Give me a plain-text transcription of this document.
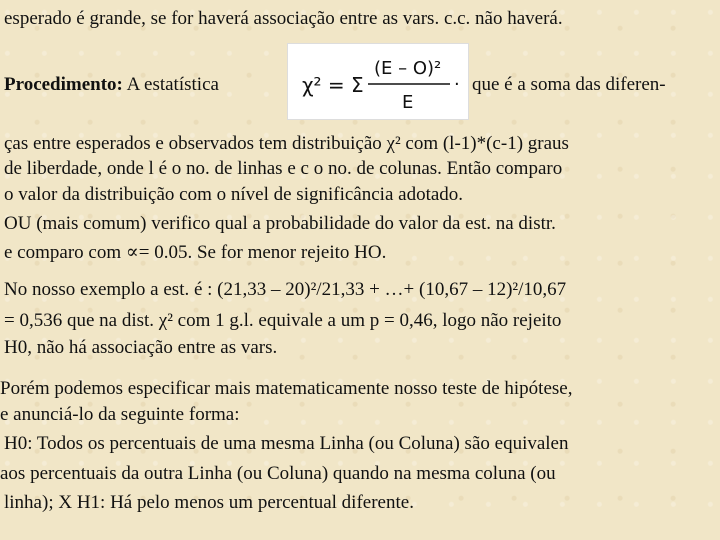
esperado é grande, se for haverá associação entre as vars. c.c. não haverá.
Procedimento: A estatística	χ² = Σ
(E – O)²
E
· que é a soma das diferen-
ças entre esperados e observados tem distribuição χ² com (l-1)*(c-1) graus
de liberdade, onde l é o no. de linhas e c o no. de colunas. Então comparo
o valor da distribuição com o nível de significância adotado.
OU (mais comum) verifico qual a probabilidade do valor da est. na distr.
e comparo com ∝= 0.05. Se for menor rejeito HO.
No nosso exemplo a est. é : (21,33 – 20)²/21,33 + …+ (10,67 – 12)²/10,67
= 0,536 que na dist. χ² com 1 g.l. equivale a um p = 0,46, logo não rejeito
H0, não há associação entre as vars.
Porém podemos especificar mais matematicamente nosso teste de hipótese,
e anunciá-lo da seguinte forma:
H0: Todos os percentuais de uma mesma Linha (ou Coluna) são equivalen
aos percentuais da outra Linha (ou Coluna) quando na mesma coluna (ou
linha); X H1: Há pelo menos um percentual diferente.
